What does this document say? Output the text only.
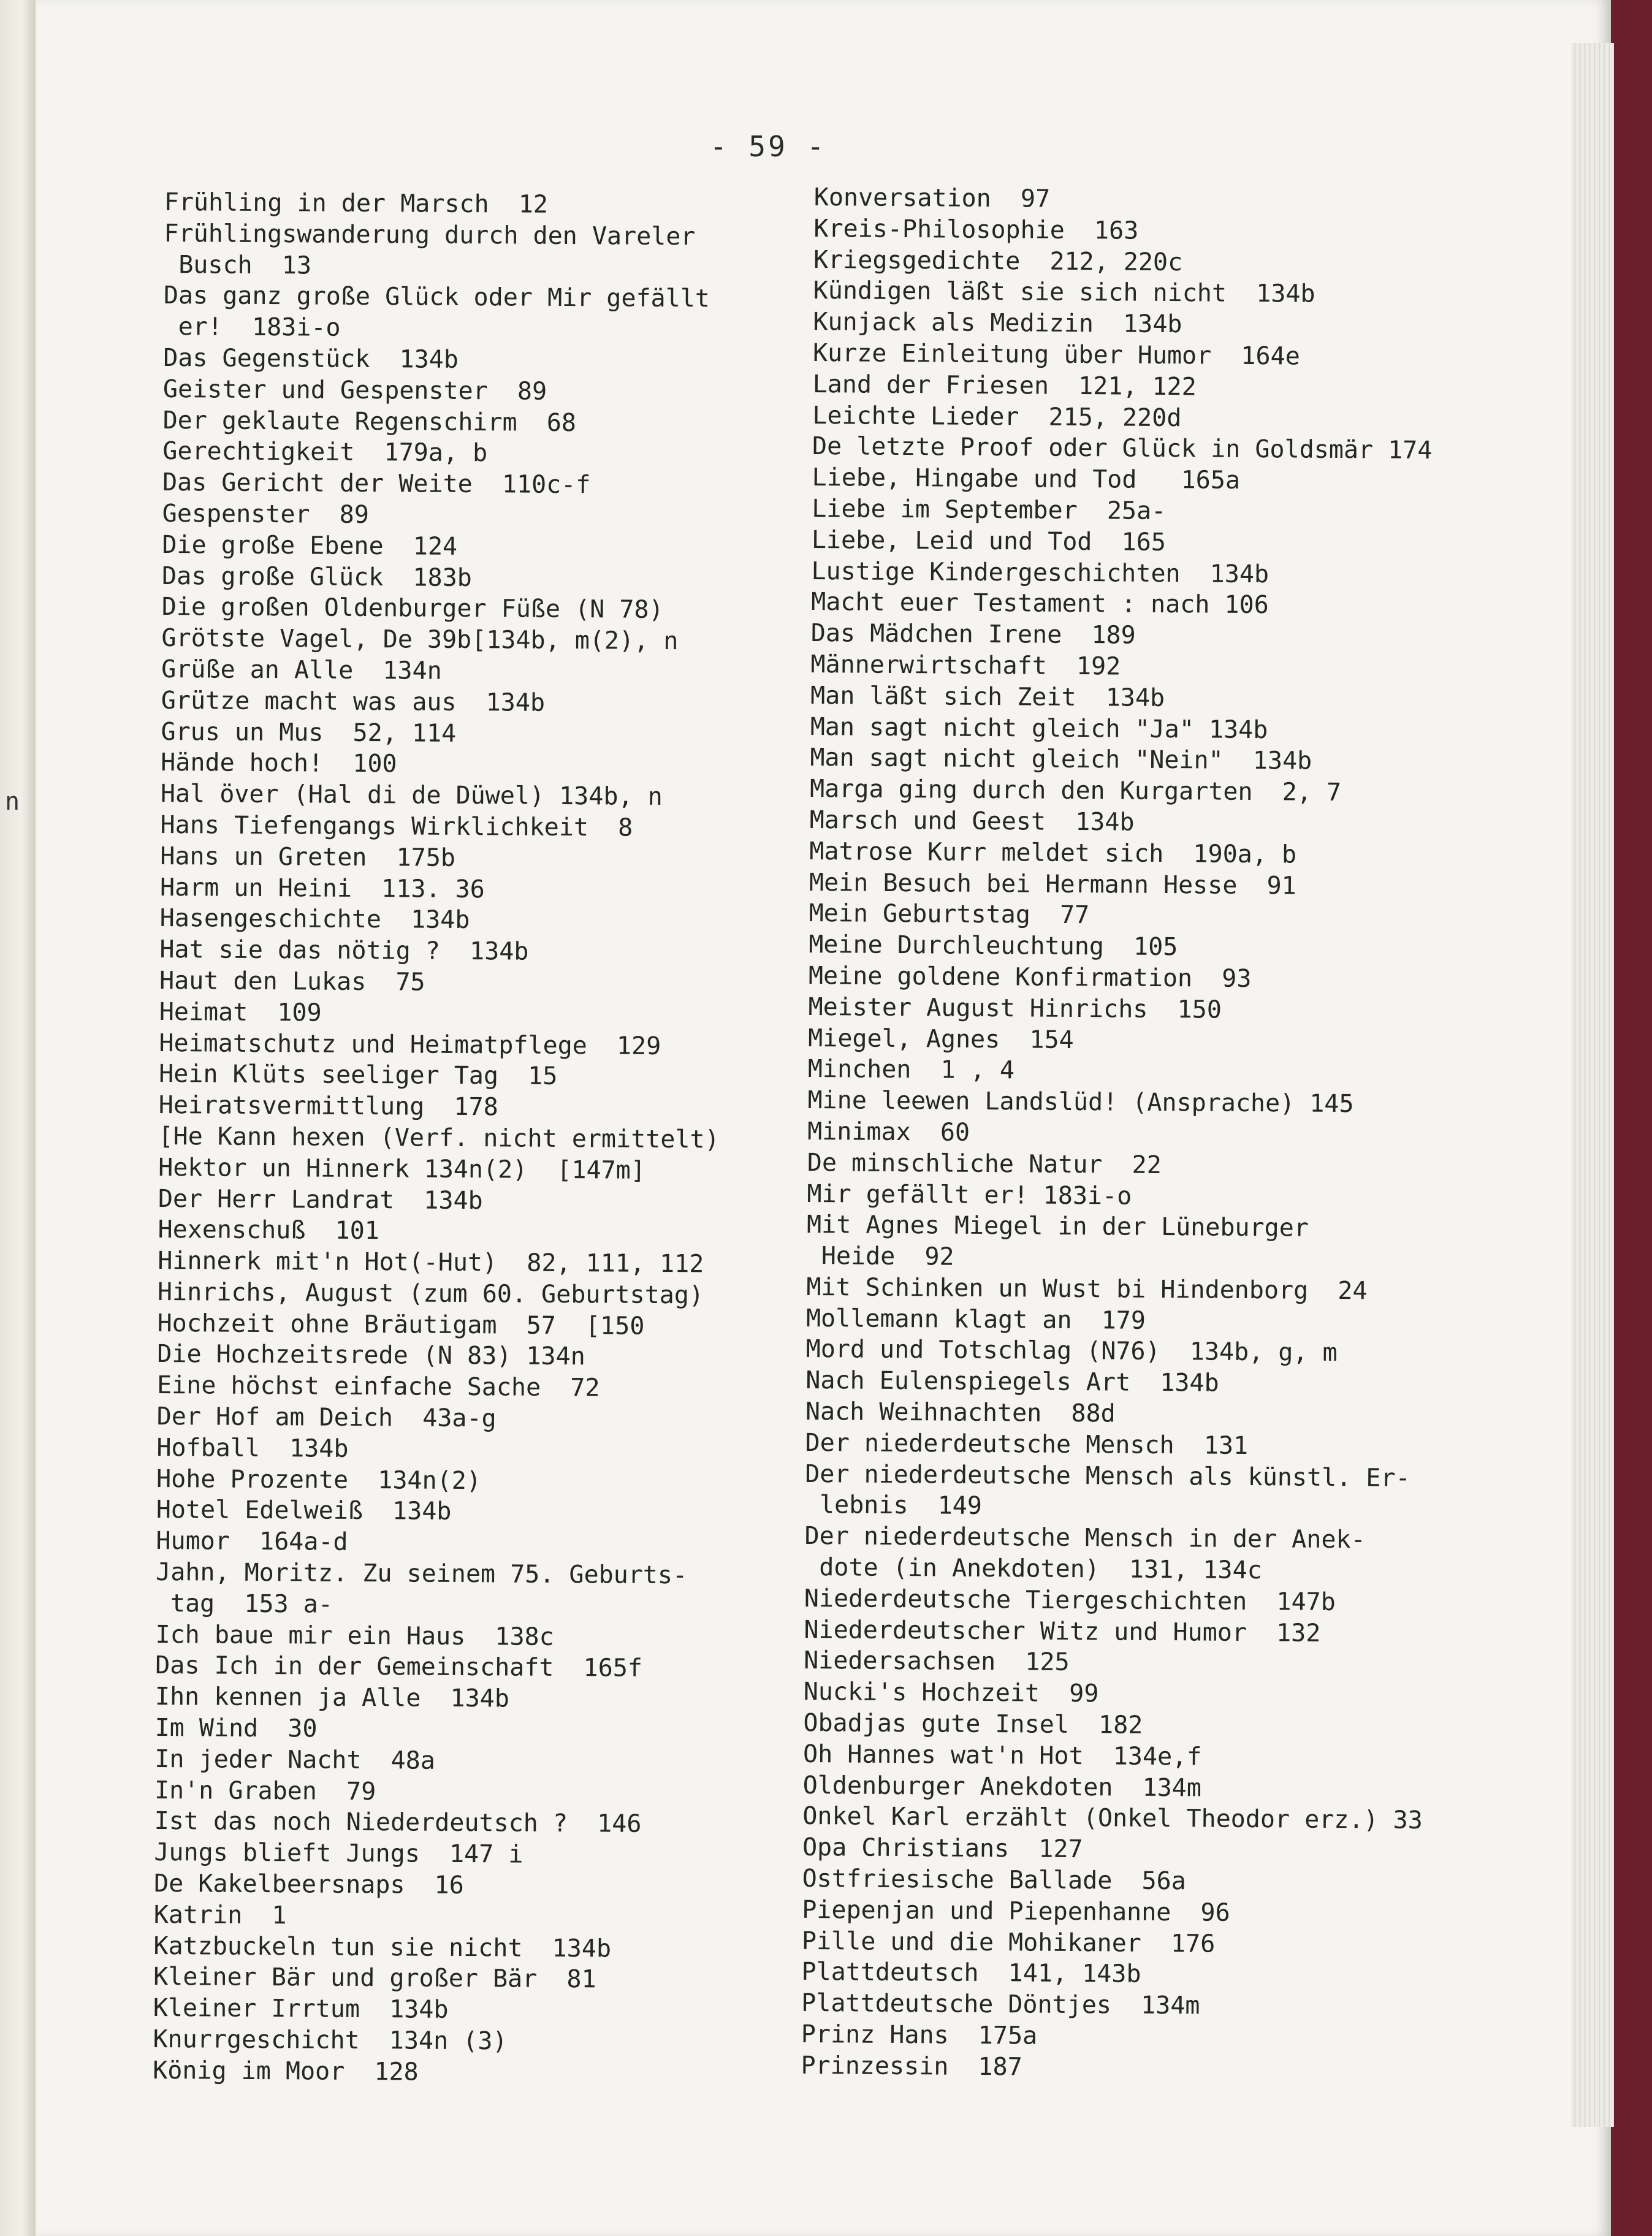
n
- 59 -
Frühling in der Marsch  12
Frühlingswanderung durch den Vareler
Busch  13
Das ganz große Glück oder Mir gefällt
er!  183i-o
Das Gegenstück  134b
Geister und Gespenster  89
Der geklaute Regenschirm  68
Gerechtigkeit  179a, b
Das Gericht der Weite  110c-f
Gespenster  89
Die große Ebene  124
Das große Glück  183b
Die großen Oldenburger Füße (N 78)
Grötste Vagel, De 39b[134b, m(2), n
Grüße an Alle  134n
Grütze macht was aus  134b
Grus un Mus  52, 114
Hände hoch!  100
Hal över (Hal di de Düwel) 134b, n
Hans Tiefengangs Wirklichkeit  8
Hans un Greten  175b
Harm un Heini  113. 36
Hasengeschichte  134b
Hat sie das nötig ?  134b
Haut den Lukas  75
Heimat  109
Heimatschutz und Heimatpflege  129
Hein Klüts seeliger Tag  15
Heiratsvermittlung  178
[He Kann hexen (Verf. nicht ermittelt)
Hektor un Hinnerk 134n(2)  [147m]
Der Herr Landrat  134b
Hexenschuß  101
Hinnerk mit'n Hot(-Hut)  82, 111, 112
Hinrichs, August (zum 60. Geburtstag)
Hochzeit ohne Bräutigam  57  [150
Die Hochzeitsrede (N 83) 134n
Eine höchst einfache Sache  72
Der Hof am Deich  43a-g
Hofball  134b
Hohe Prozente  134n(2)
Hotel Edelweiß  134b
Humor  164a-d
Jahn, Moritz. Zu seinem 75. Geburts-
tag  153 a-
Ich baue mir ein Haus  138c
Das Ich in der Gemeinschaft  165f
Ihn kennen ja Alle  134b
Im Wind  30
In jeder Nacht  48a
In'n Graben  79
Ist das noch Niederdeutsch ?  146
Jungs blieft Jungs  147 i
De Kakelbeersnaps  16
Katrin  1
Katzbuckeln tun sie nicht  134b
Kleiner Bär und großer Bär  81
Kleiner Irrtum  134b
Knurrgeschicht  134n (3)
König im Moor  128
Konversation  97
Kreis-Philosophie  163
Kriegsgedichte  212, 220c
Kündigen läßt sie sich nicht  134b
Kunjack als Medizin  134b
Kurze Einleitung über Humor  164e
Land der Friesen  121, 122
Leichte Lieder  215, 220d
De letzte Proof oder Glück in Goldsmär 174
Liebe, Hingabe und Tod   165a
Liebe im September  25a-
Liebe, Leid und Tod  165
Lustige Kindergeschichten  134b
Macht euer Testament : nach 106
Das Mädchen Irene  189
Männerwirtschaft  192
Man läßt sich Zeit  134b
Man sagt nicht gleich "Ja" 134b
Man sagt nicht gleich "Nein"  134b
Marga ging durch den Kurgarten  2, 7
Marsch und Geest  134b
Matrose Kurr meldet sich  190a, b
Mein Besuch bei Hermann Hesse  91
Mein Geburtstag  77
Meine Durchleuchtung  105
Meine goldene Konfirmation  93
Meister August Hinrichs  150
Miegel, Agnes  154
Minchen  1 , 4
Mine leewen Landslüd! (Ansprache) 145
Minimax  60
De minschliche Natur  22
Mir gefällt er! 183i-o
Mit Agnes Miegel in der Lüneburger
Heide  92
Mit Schinken un Wust bi Hindenborg  24
Mollemann klagt an  179
Mord und Totschlag (N76)  134b, g, m
Nach Eulenspiegels Art  134b
Nach Weihnachten  88d
Der niederdeutsche Mensch  131
Der niederdeutsche Mensch als künstl. Er-
lebnis  149
Der niederdeutsche Mensch in der Anek-
dote (in Anekdoten)  131, 134c
Niederdeutsche Tiergeschichten  147b
Niederdeutscher Witz und Humor  132
Niedersachsen  125
Nucki's Hochzeit  99
Obadjas gute Insel  182
Oh Hannes wat'n Hot  134e,f
Oldenburger Anekdoten  134m
Onkel Karl erzählt (Onkel Theodor erz.) 33
Opa Christians  127
Ostfriesische Ballade  56a
Piepenjan und Piepenhanne  96
Pille und die Mohikaner  176
Plattdeutsch  141, 143b
Plattdeutsche Döntjes  134m
Prinz Hans  175a
Prinzessin  187
